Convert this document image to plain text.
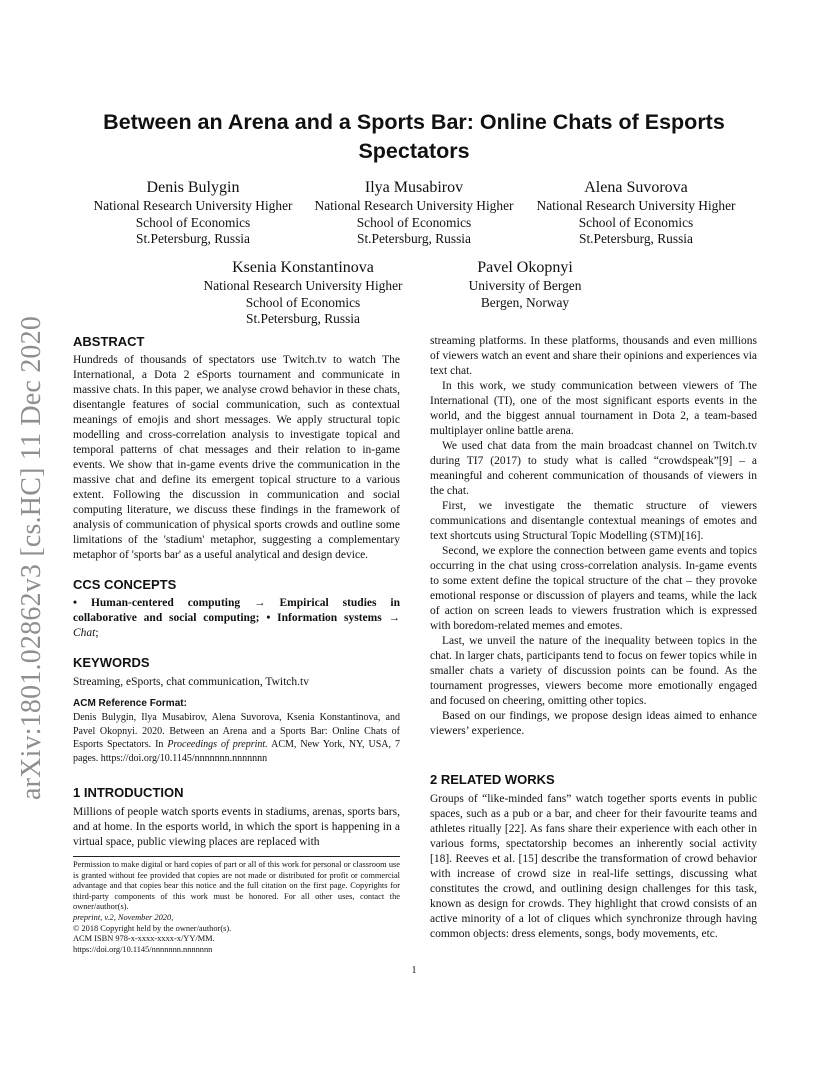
arXiv:1801.02862v3 [cs.HC] 11 Dec 2020
Between an Arena and a Sports Bar: Online Chats of Esports Spectators
Denis Bulygin
National Research University Higher
School of Economics
St.Petersburg, Russia
Ilya Musabirov
National Research University Higher
School of Economics
St.Petersburg, Russia
Alena Suvorova
National Research University Higher
School of Economics
St.Petersburg, Russia
Ksenia Konstantinova
National Research University Higher
School of Economics
St.Petersburg, Russia
Pavel Okopnyi
University of Bergen
Bergen, Norway

ABSTRACT

Hundreds of thousands of spectators use Twitch.tv to watch The International, a Dota 2 eSports tournament and communicate in massive chats. In this paper, we analyse crowd behavior in these chats, disentangle features of social communication, such as contextual meanings of emojis and short messages. We apply structural topic modelling and cross-correlation analysis to investigate topical and temporal patterns of chat messages and their relation to in-game events. We show that in-game events drive the communication in the massive chat and define its emergent topical structure to a various extent. Following the discussion in communication and social computing literature, we discuss these findings in the framework of analysis of communication of physical sports crowds and outline some limitations of the 'stadium' metaphor, suggesting a complementary metaphor of 'sports bar' as a useful analytical and design device.

CCS CONCEPTS

• Human-centered computing → Empirical studies in collaborative and social computing; • Information systems → Chat;

KEYWORDS

Streaming, eSports, chat communication, Twitch.tv

ACM Reference Format:

Denis Bulygin, Ilya Musabirov, Alena Suvorova, Ksenia Konstantinova, and Pavel Okopnyi. 2020. Between an Arena and a Sports Bar: Online Chats of Esports Spectators. In Proceedings of preprint. ACM, New York, NY, USA, 7 pages. https://doi.org/10.1145/nnnnnnn.nnnnnnn

1 INTRODUCTION

Millions of people watch sports events in stadiums, arenas, sports bars, and at home. In the esports world, in which the sport is happening in a virtual space, public viewing places are replaced with

Permission to make digital or hard copies of part or all of this work for personal or classroom use is granted without fee provided that copies are not made or distributed for profit or commercial advantage and that copies bear this notice and the full citation on the first page. Copyrights for third-party components of this work must be honored. For all other uses, contact the owner/author(s).

preprint, v.2, November 2020,

© 2018 Copyright held by the owner/author(s).

ACM ISBN 978-x-xxxx-xxxx-x/YY/MM.

https://doi.org/10.1145/nnnnnnn.nnnnnnn

streaming platforms. In these platforms, thousands and even millions of viewers watch an event and share their opinions and experiences via text chat.

In this work, we study communication between viewers of The International (TI), one of the most significant esports events in the world, and the biggest annual tournament in Dota 2, a team-based multiplayer online battle arena.

We used chat data from the main broadcast channel on Twitch.tv during TI7 (2017) to study what is called “crowdspeak”[9] – a meaningful and coherent communication of thousands of viewers in the chat.

First, we investigate the thematic structure of viewers communications and disentangle contextual meanings of emotes and text shortcuts using Structural Topic Modelling (STM)[16].

Second, we explore the connection between game events and topics occurring in the chat using cross-correlation analysis. In-game events to some extent define the topical structure of the chat – they provoke emotional response or discussion of players and teams, while the lack of action on screen leads to viewers frustration which is expressed with boredom-related memes and emotes.

Last, we unveil the nature of the inequality between topics in the chat. In larger chats, participants tend to focus on fewer topics while in smaller chats a variety of discussion points can be found. As the tournament progresses, viewers become more emotionally engaged and focused on cheering, omitting other topics.

Based on our findings, we propose design ideas aimed to enhance viewers’ experience.

2 RELATED WORKS

Groups of “like-minded fans” watch together sports events in public spaces, such as a pub or a bar, and cheer for their favourite teams and athletes ritually [22]. As fans share their experience with each other in various forms, spectatorship becomes an inherently social activity [18]. Reeves et al. [15] describe the transformation of crowd behavior with increase of crowd size in real-life settings, discussing what constitutes the crowd, and outlining design challenges for this task, known as design for crowds. They highlight that crowd consists of an active minority of a lot of cliques which synchronize through having common objects: dress elements, songs, body movements, etc.

1
